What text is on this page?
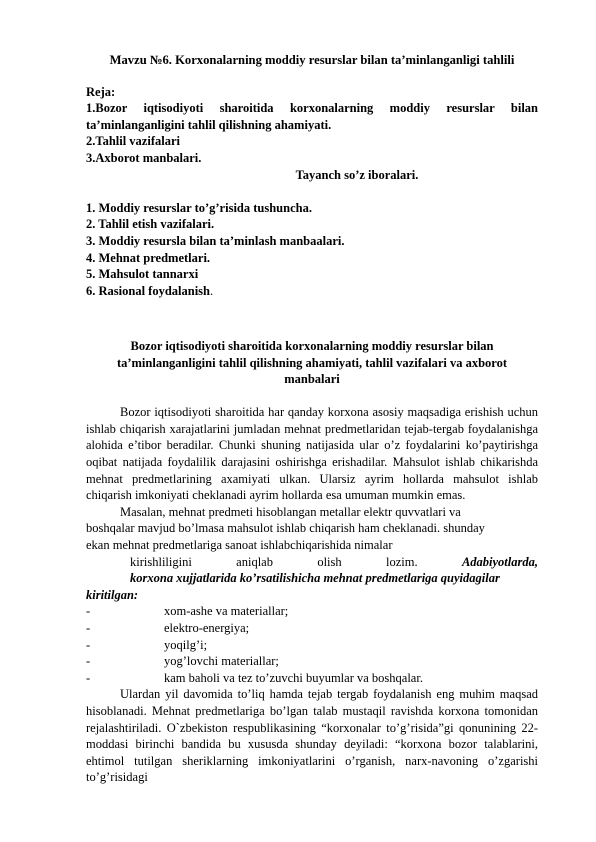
Mavzu №6. Korxonalarning moddiy resurslar bilan ta’minlanganligi tahlili
Reja:
1.Bozor iqtisodiyoti sharoitida korxonalarning moddiy resurslar bilan ta’minlanganligini tahlil qilishning ahamiyati.
2.Tahlil vazifalari
3.Axborot manbalari.
Tayanch so’z iboralari.
1. Moddiy resurslar to’g’risida tushuncha.
2. Tahlil etish vazifalari.
3. Moddiy resursla bilan ta’minlash manbaalari.
4. Mehnat predmetlari.
5. Mahsulot tannarxi
6. Rasional foydalanish.
Bozor iqtisodiyoti sharoitida korxonalarning moddiy resurslar bilan ta’minlanganligini tahlil qilishning ahamiyati, tahlil vazifalari va axborot manbalari
Bozor iqtisodiyoti sharoitida har qanday korxona asosiy maqsadiga erishish uchun ishlab chiqarish xarajatlarini jumladan mehnat predmetlaridan tejab-tergab foydalanishga alohida e’tibor beradilar. Chunki shuning natijasida ular o’z foydalarini ko’paytirishga oqibat natijada foydalilik darajasini oshirishga erishadilar. Mahsulot ishlab chikarishda mehnat predmetlarining axamiyati ulkan. Ularsiz ayrim hollarda mahsulot ishlab chiqarish imkoniyati cheklanadi ayrim hollarda esa umuman mumkin emas.
Masalan, mehnat predmeti hisoblangan metallar elektr quvvatlari va
boshqalar mavjud bo’lmasa mahsulot ishlab chiqarish ham cheklanadi. shunday
ekan mehnat predmetlariga sanoat ishlabchiqarishida nimalar
kirishliligini	aniqlab	olish	lozim.	Adabiyotlarda,
korxona xujjatlarida ko’rsatilishicha mehnat predmetlariga quyidagilar
kiritilgan:
-	xom-ashe va materiallar;
-	elektro-energiya;
-	yoqilg’i;
-	yog’lovchi materiallar;
-	kam baholi va tez to’zuvchi buyumlar va boshqalar.
Ulardan yil davomida to’liq hamda tejab tergab foydalanish eng muhim maqsad hisoblanadi. Mehnat predmetlariga bo’lgan talab mustaqil ravishda korxona tomonidan rejalashtiriladi. O`zbekiston respublikasining “korxonalar to’g’risida”gi qonunining 22- moddasi birinchi bandida bu xususda shunday deyiladi: “korxona bozor talablarini, ehtimol tutilgan sheriklarning imkoniyatlarini o’rganish, narx-navoning o’zgarishi to’g’risidagi
